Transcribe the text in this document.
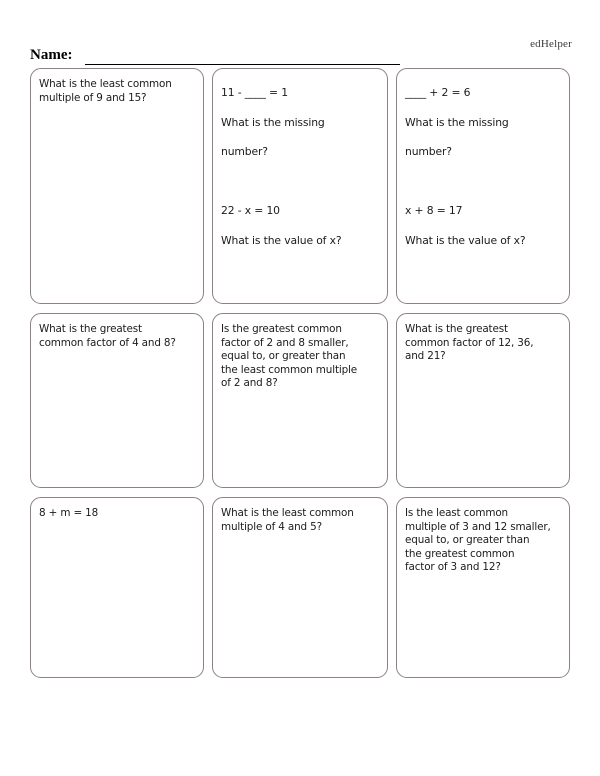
edHelper
Name:
What is the least common
multiple of 9 and 15?	11 - ____ = 1
What is the missing
number?
22 - x = 10
What is the value of x?
____ + 2 = 6
What is the missing
number?
x + 8 = 17
What is the value of x?
What is the greatest
common factor of 4 and 8?
Is the greatest common
factor of 2 and 8 smaller,
equal to, or greater than
the least common multiple
of 2 and 8?
What is the greatest
common factor of 12, 36,
and 21?
8 + m = 18	What is the least common
multiple of 4 and 5?
Is the least common
multiple of 3 and 12 smaller,
equal to, or greater than
the greatest common
factor of 3 and 12?
